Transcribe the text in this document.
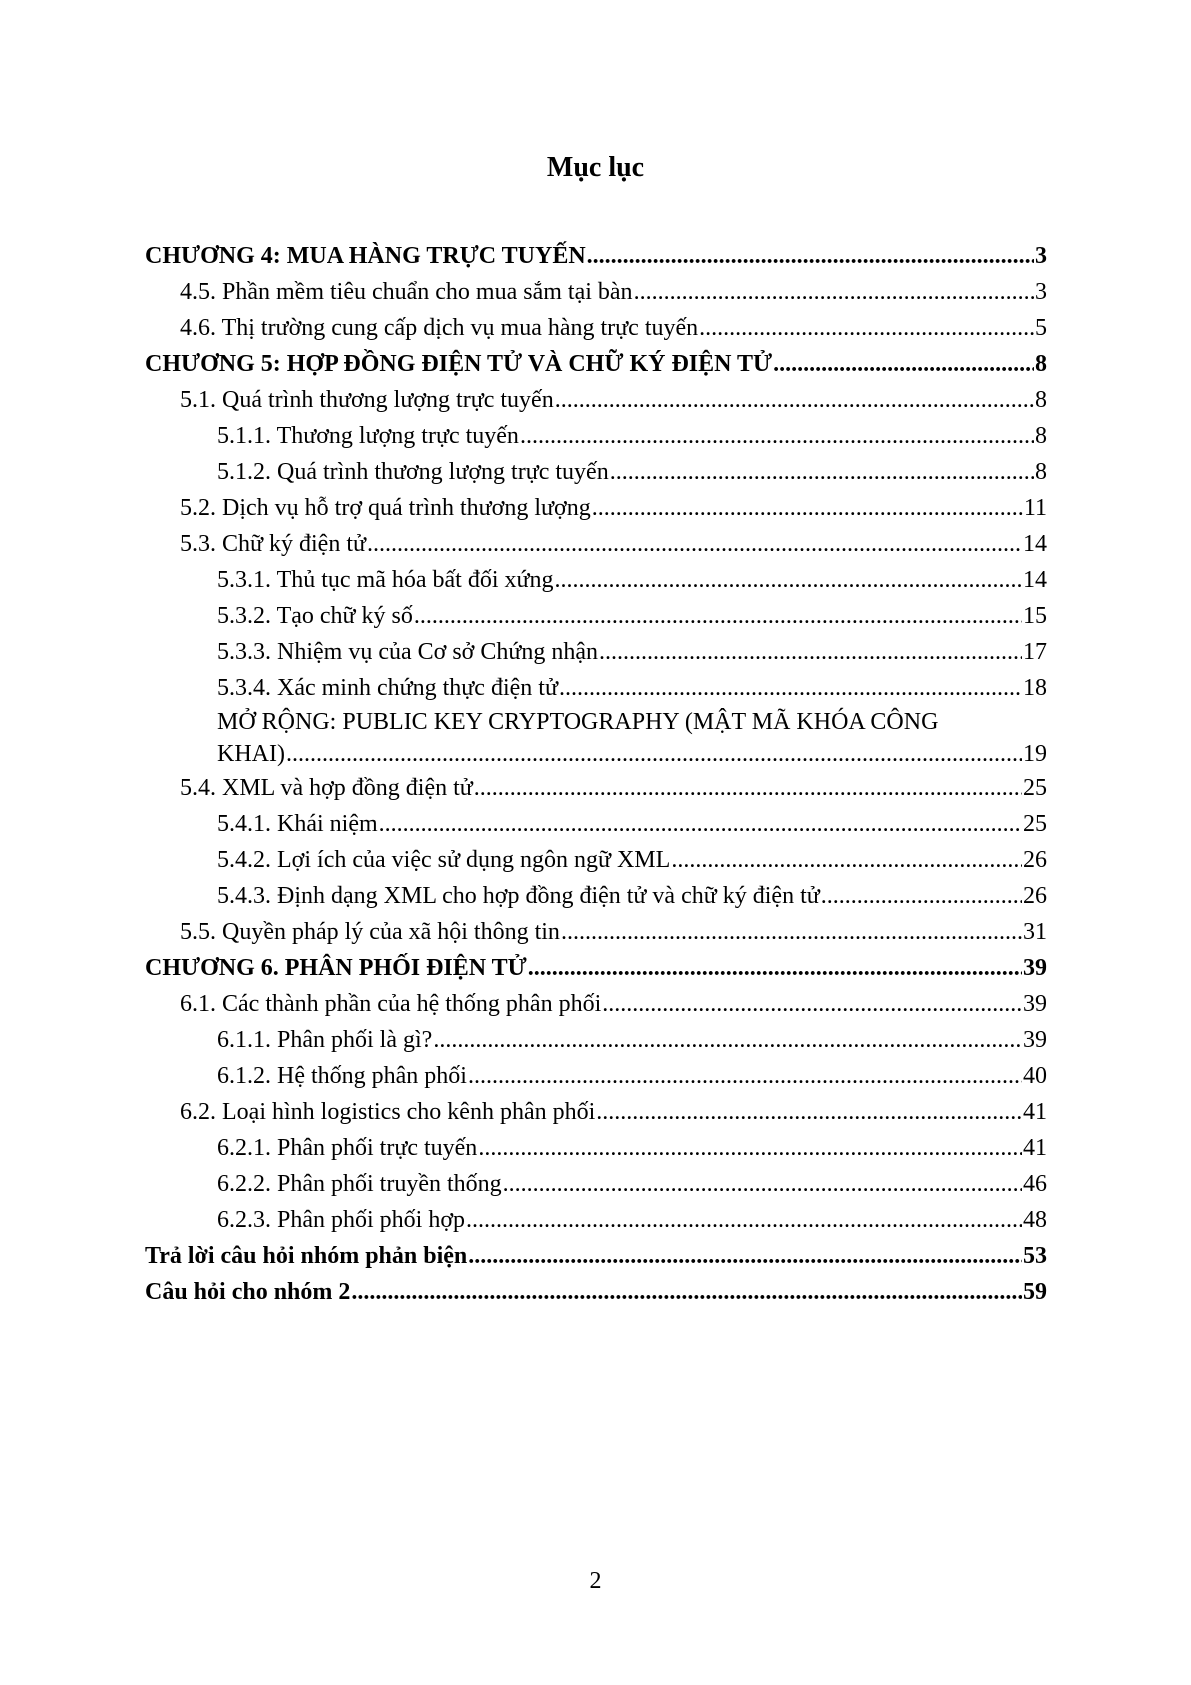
Mục lục
CHƯƠNG 4: MUA HÀNG TRỰC TUYẾN .....	3
4.5. Phần mềm tiêu chuẩn cho mua sắm tại bàn .....	3
4.6. Thị trường cung cấp dịch vụ mua hàng trực tuyến .....	5
CHƯƠNG 5: HỢP ĐỒNG ĐIỆN TỬ VÀ CHỮ KÝ ĐIỆN TỬ .....	8
5.1. Quá trình thương lượng trực tuyến .....	8
5.1.1. Thương lượng trực tuyến .....	8
5.1.2. Quá trình thương lượng trực tuyến .....	8
5.2. Dịch vụ hỗ trợ quá trình thương lượng .....	11
5.3. Chữ ký điện tử .....	14
5.3.1. Thủ tục mã hóa bất đối xứng .....	14
5.3.2. Tạo chữ ký số .....	15
5.3.3. Nhiệm vụ của Cơ sở Chứng nhận .....	17
5.3.4. Xác minh chứng thực điện tử .....	18
MỞ RỘNG: PUBLIC KEY CRYPTOGRAPHY (MẬT MÃ KHÓA CÔNG
KHAI) .....	19
5.4. XML và hợp đồng điện tử .....	25
5.4.1. Khái niệm .....	25
5.4.2. Lợi ích của việc sử dụng ngôn ngữ XML .....	26
5.4.3. Định dạng XML cho hợp đồng điện tử và chữ ký điện tử .....	26
5.5. Quyền pháp lý của xã hội thông tin .....	31
CHƯƠNG 6. PHÂN PHỐI ĐIỆN TỬ .....	39
6.1. Các thành phần của hệ thống phân phối .....	39
6.1.1. Phân phối là gì? .....	39
6.1.2. Hệ thống phân phối .....	40
6.2. Loại hình logistics cho kênh phân phối .....	41
6.2.1. Phân phối trực tuyến .....	41
6.2.2. Phân phối truyền thống .....	46
6.2.3. Phân phối phối hợp .....	48
Trả lời câu hỏi nhóm phản biện .....	53
Câu hỏi cho nhóm 2 .....	59
2
